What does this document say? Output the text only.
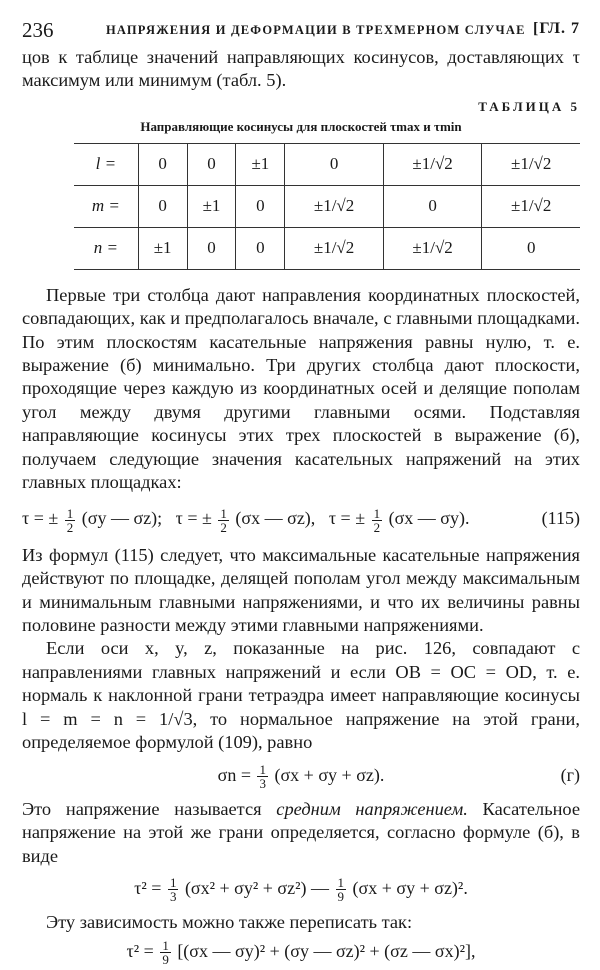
236	НАПРЯЖЕНИЯ И ДЕФОРМАЦИИ В ТРЕХМЕРНОМ СЛУЧАЕ [ГЛ. 7

цов к таблице значений направляющих косинусов, доставляющих τ максимум или минимум (табл. 5).

ТАБЛИЦА 5
Направляющие косинусы для плоскостей τmax и τmin
l =	0	0	±1	0	±1/√2	±1/√2
m =	0	±1	0	±1/√2	0	±1/√2
n =	±1	0	0	±1/√2	±1/√2	0

Первые три столбца дают направления координатных плоскостей, совпадающих, как и предполагалось вначале, с главными площадками. По этим плоскостям касательные напряжения равны нулю, т. е. выражение (б) минимально. Три других столбца дают плоскости, проходящие через каждую из координатных осей и делящие пополам угол между двумя другими главными осями. Подставляя направляющие косинусы этих трех плоскостей в выражение (б), получаем следующие значения касательных напряжений на этих главных площадках:

τ = ± $\frac{1}{2} (\sigma y$ — σz); τ = ± $\frac{1}{2} (\sigma x$ — σz), τ = ± $\frac{1}{2} (\sigma x$ — σy).	(115)

Из формул (115) следует, что максимальные касательные напряжения действуют по площадке, делящей пополам угол между максимальным и минимальным главными напряжениями, и что их величины равны половине разности между этими главными напряжениями.

Если оси x, y, z, показанные на рис. 126, совпадают с направлениями главных напряжений и если OB = OC = OD, т. е. нормаль к наклонной грани тетраэдра имеет направляющие косинусы l = m = n = 1/√3, то нормальное напряжение на этой грани, определяемое формулой (109), равно

$\sigma n = \frac{1}{3} (\sigma x + \sigma y + \sigma z)$.	(г)

Это напряжение называется средним напряжением. Касательное напряжение на этой же грани определяется, согласно формуле (б), в виде

$\tau^2 = \frac{1}{3} (\sigma x^2 + \sigma y^2 + \sigma z^2)$ — $\frac{1}{9} (\sigma x + \sigma y + \sigma z)^2$.

Эту зависимость можно также переписать так:

$\tau^2 = \frac{1}{9} [(\sigma x$ — σy)² + (σy — σz)² + (σz — σx)²],
